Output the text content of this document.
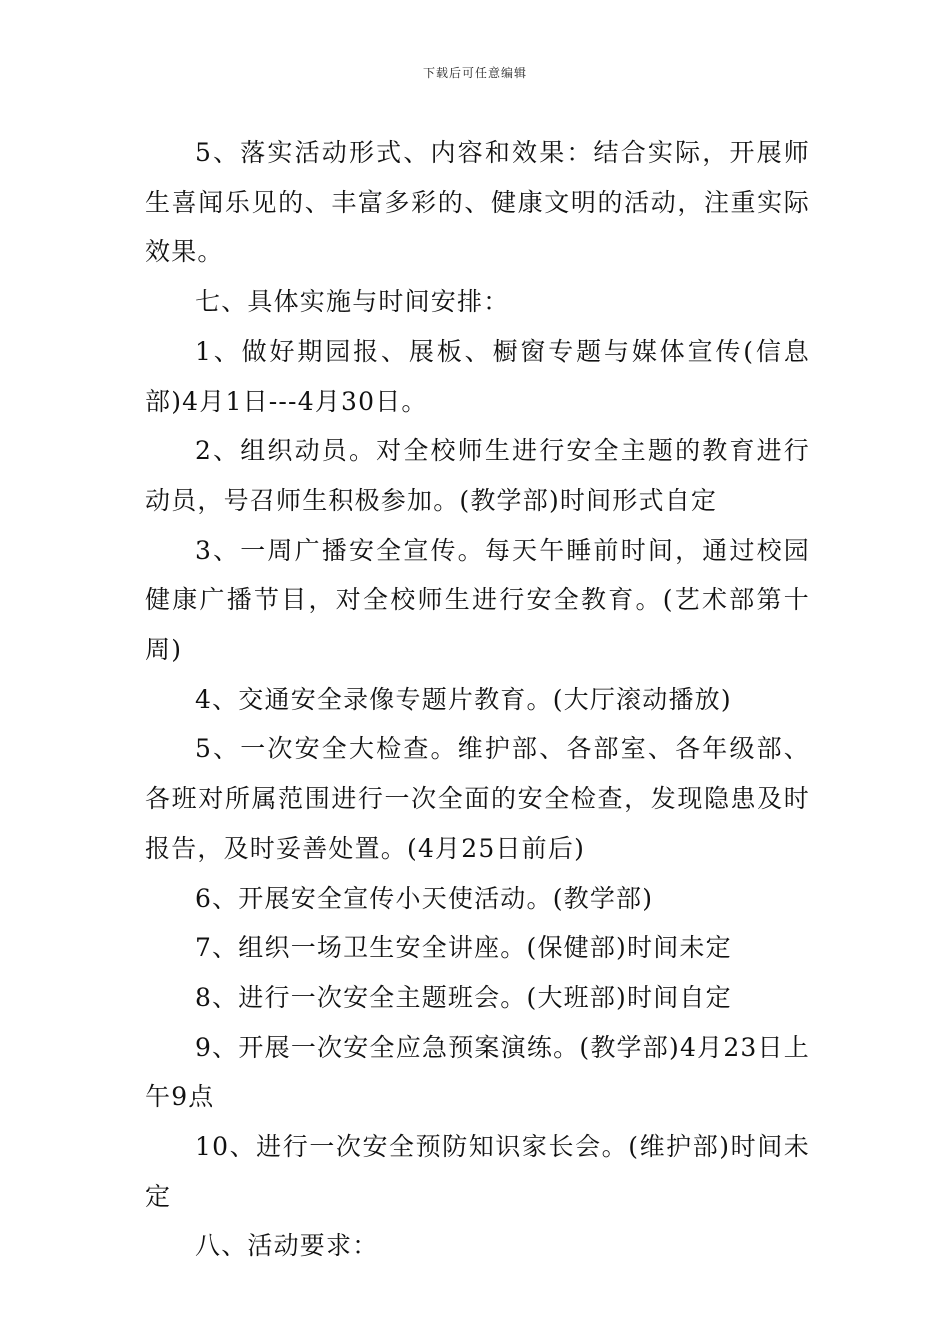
下载后可任意编辑

5、落实活动形式、内容和效果：结合实际，开展师生喜闻乐见的、丰富多彩的、健康文明的活动，注重实际效果。

七、具体实施与时间安排：

1、做好期园报、展板、橱窗专题与媒体宣传(信息部)4月1日---4月30日。

2、组织动员。对全校师生进行安全主题的教育进行动员，号召师生积极参加。(教学部)时间形式自定

3、一周广播安全宣传。每天午睡前时间，通过校园健康广播节目，对全校师生进行安全教育。(艺术部第十周)

4、交通安全录像专题片教育。(大厅滚动播放)

5、一次安全大检查。维护部、各部室、各年级部、各班对所属范围进行一次全面的安全检查，发现隐患及时报告，及时妥善处置。(4月25日前后)

6、开展安全宣传小天使活动。(教学部)

7、组织一场卫生安全讲座。(保健部)时间未定

8、进行一次安全主题班会。(大班部)时间自定

9、开展一次安全应急预案演练。(教学部)4月23日上午9点

10、进行一次安全预防知识家长会。(维护部)时间未定

八、活动要求：
